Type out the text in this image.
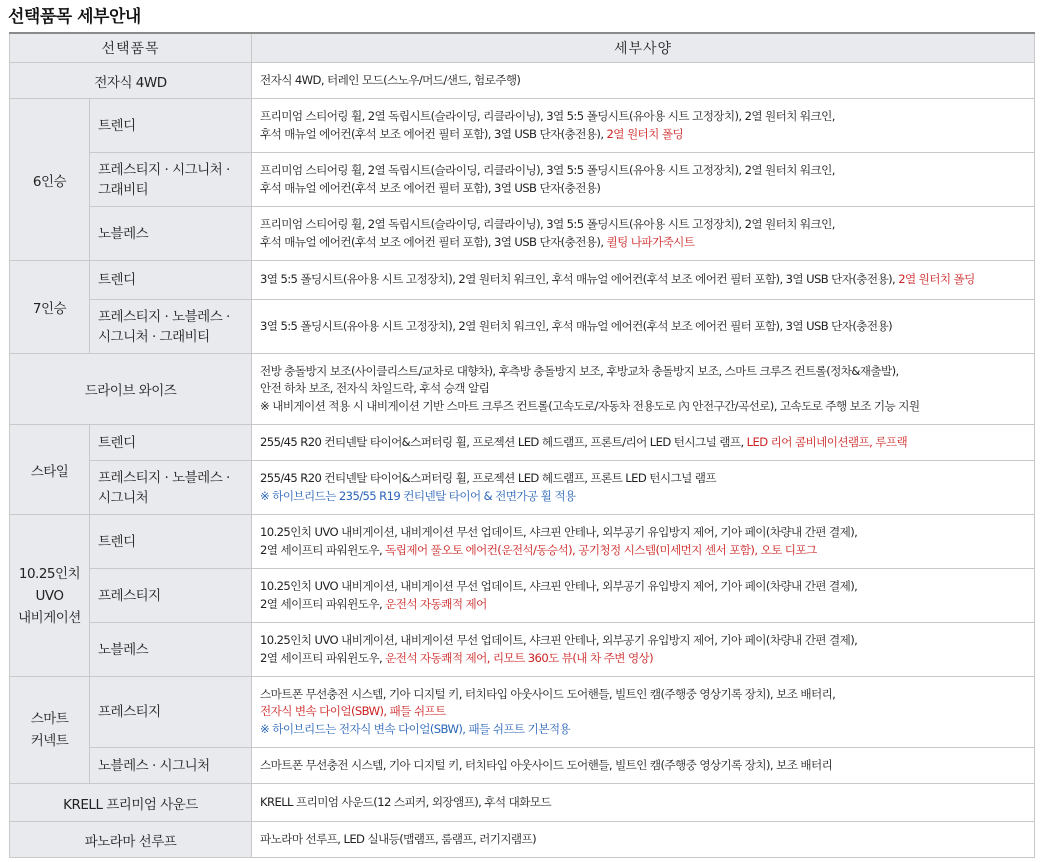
선택품목 세부안내
선택품목		세부사양
전자식 4WD		전자식 4WD, 터레인 모드(스노우/머드/샌드, 험로주행)
6인승	트렌디	프리미엄 스티어링 휠, 2열 독립시트(슬라이딩, 리클라이닝), 3열 5:5 폴딩시트(유아용 시트 고정장치), 2열 원터치 워크인,
후석 매뉴얼 에어컨(후석 보조 에어컨 필터 포함), 3열 USB 단자(충전용), 2열 원터치 폴딩

	프레스티지 · 시그니처 ·
그래비티	프리미엄 스티어링 휠, 2열 독립시트(슬라이딩, 리클라이닝), 3열 5:5 폴딩시트(유아용 시트 고정장치), 2열 원터치 워크인,
후석 매뉴얼 에어컨(후석 보조 에어컨 필터 포함), 3열 USB 단자(충전용)

	노블레스	프리미엄 스티어링 휠, 2열 독립시트(슬라이딩, 리클라이닝), 3열 5:5 폴딩시트(유아용 시트 고정장치), 2열 원터치 워크인,
후석 매뉴얼 에어컨(후석 보조 에어컨 필터 포함), 3열 USB 단자(충전용), 퀼팅 나파가죽시트

7인승	트렌디	3열 5:5 폴딩시트(유아용 시트 고정장치), 2열 원터치 워크인, 후석 매뉴얼 에어컨(후석 보조 에어컨 필터 포함), 3열 USB 단자(충전용), 2열 원터치 폴딩

	프레스티지 · 노블레스 ·
시그니처 · 그래비티	3열 5:5 폴딩시트(유아용 시트 고정장치), 2열 원터치 워크인, 후석 매뉴얼 에어컨(후석 보조 에어컨 필터 포함), 3열 USB 단자(충전용)
드라이브 와이즈		전방 충돌방지 보조(사이클리스트/교차로 대향차), 후측방 충돌방지 보조, 후방교차 충돌방지 보조, 스마트 크루즈 컨트롤(정차&재출발),
안전 하차 보조, 전자식 차일드락, 후석 승객 알림
※ 내비게이션 적용 시 내비게이션 기반 스마트 크루즈 컨트롤(고속도로/자동차 전용도로 內 안전구간/곡선로), 고속도로 주행 보조 기능 지원

스타일	트렌디	255/45 R20 컨티넨탈 타이어&스퍼터링 휠, 프로젝션 LED 헤드램프, 프론트/리어 LED 턴시그널 램프, LED 리어 콤비네이션램프, 루프랙

	프레스티지 · 노블레스 ·
시그니처	255/45 R20 컨티넨탈 타이어&스퍼터링 휠, 프로젝션 LED 헤드램프, 프론트 LED 턴시그널 램프
※ 하이브리드는 235/55 R19 컨티넨탈 타이어 & 전면가공 휠 적용

10.25인치
UVO
내비게이션	트렌디	10.25인치 UVO 내비게이션, 내비게이션 무선 업데이트, 샤크핀 안테나, 외부공기 유입방지 제어, 기아 페이(차량내 간편 결제),
2열 세이프티 파워윈도우, 독립제어 풀오토 에어컨(운전석/동승석), 공기청정 시스템(미세먼지 센서 포함), 오토 디포그

	프레스티지	10.25인치 UVO 내비게이션, 내비게이션 무선 업데이트, 샤크핀 안테나, 외부공기 유입방지 제어, 기아 페이(차량내 간편 결제),
2열 세이프티 파워윈도우, 운전석 자동쾌적 제어

	노블레스	10.25인치 UVO 내비게이션, 내비게이션 무선 업데이트, 샤크핀 안테나, 외부공기 유입방지 제어, 기아 페이(차량내 간편 결제),
2열 세이프티 파워윈도우, 운전석 자동쾌적 제어, 리모트 360도 뷰(내 차 주변 영상)

스마트
커넥트	프레스티지	스마트폰 무선충전 시스템, 기아 디지털 키, 터치타입 아웃사이드 도어핸들, 빌트인 캠(주행중 영상기록 장치), 보조 배터리,
전자식 변속 다이얼(SBW), 패들 쉬프트
※ 하이브리드는 전자식 변속 다이얼(SBW), 패들 쉬프트 기본적용

	노블레스 · 시그니처	스마트폰 무선충전 시스템, 기아 디지털 키, 터치타입 아웃사이드 도어핸들, 빌트인 캠(주행중 영상기록 장치), 보조 배터리
KRELL 프리미엄 사운드		KRELL 프리미엄 사운드(12 스피커, 외장앰프), 후석 대화모드
파노라마 선루프		파노라마 선루프, LED 실내등(맵램프, 룸램프, 러기지램프)
